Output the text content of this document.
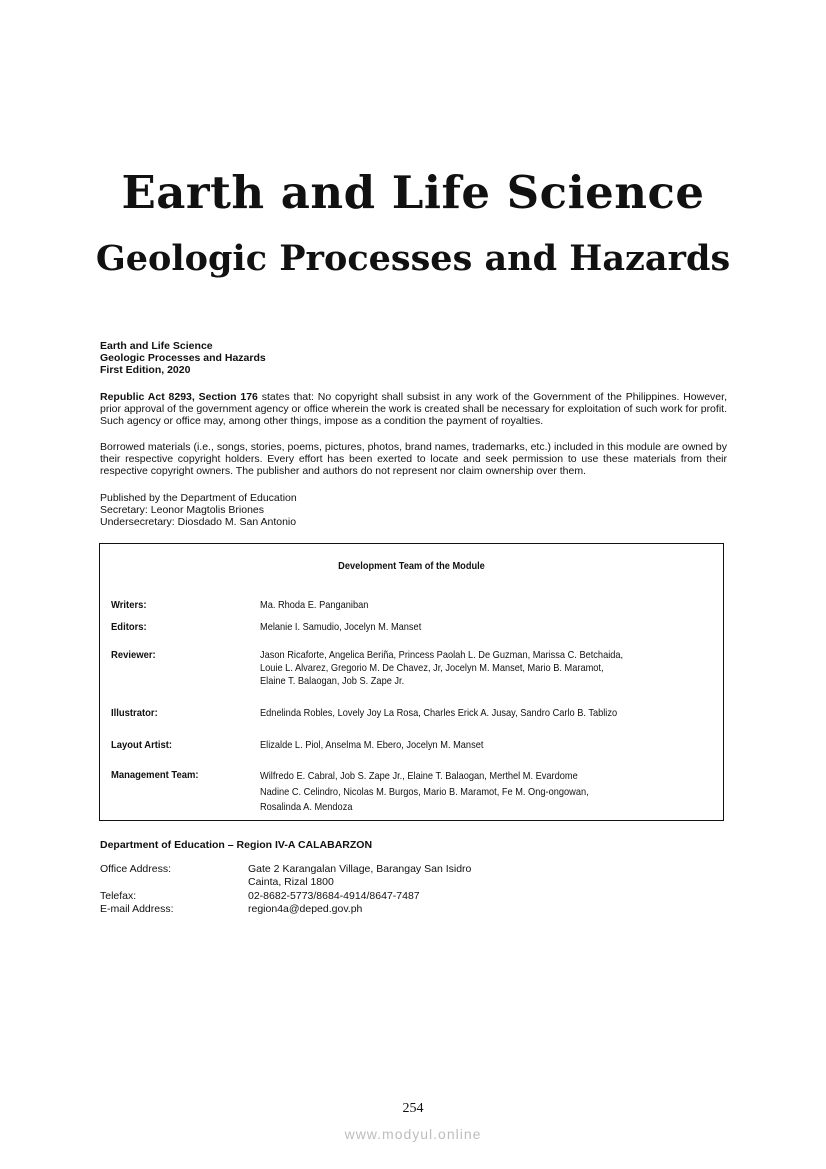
Earth and Life Science
Geologic Processes and Hazards
Earth and Life Science
Geologic Processes and Hazards
First Edition, 2020
Republic Act 8293, Section 176 states that: No copyright shall subsist in any work of the Government of the Philippines. However, prior approval of the government agency or office wherein the work is created shall be necessary for exploitation of such work for profit. Such agency or office may, among other things, impose as a condition the payment of royalties.
Borrowed materials (i.e., songs, stories, poems, pictures, photos, brand names, trademarks, etc.) included in this module are owned by their respective copyright holders. Every effort has been exerted to locate and seek permission to use these materials from their respective copyright owners. The publisher and authors do not represent nor claim ownership over them.
Published by the Department of Education
Secretary: Leonor Magtolis Briones
Undersecretary: Diosdado M. San Antonio
Development Team of the Module
Writers:	Ma. Rhoda E. Panganiban
Editors:	Melanie I. Samudio, Jocelyn M. Manset
Reviewer:	Jason Ricaforte, Angelica Beriña, Princess Paolah L. De Guzman, Marissa C. Betchaida,
Louie L. Alvarez, Gregorio M. De Chavez, Jr, Jocelyn M. Manset, Mario B. Maramot,
Elaine T. Balaogan, Job S. Zape Jr.
Illustrator:	Ednelinda Robles, Lovely Joy La Rosa, Charles Erick A. Jusay, Sandro Carlo B. Tablizo
Layout Artist:	Elizalde L. Piol, Anselma M. Ebero, Jocelyn M. Manset
Management Team:	Wilfredo E. Cabral, Job S. Zape Jr., Elaine T. Balaogan, Merthel M. Evardome
Nadine C. Celindro, Nicolas M. Burgos, Mario B. Maramot, Fe M. Ong-ongowan,
Rosalinda A. Mendoza
Department of Education – Region IV-A CALABARZON
Office Address:	Gate 2 Karangalan Village, Barangay San Isidro
Cainta, Rizal 1800
Telefax:	02-8682-5773/8684-4914/8647-7487
E-mail Address:	region4a@deped.gov.ph
254
www.modyul.online
